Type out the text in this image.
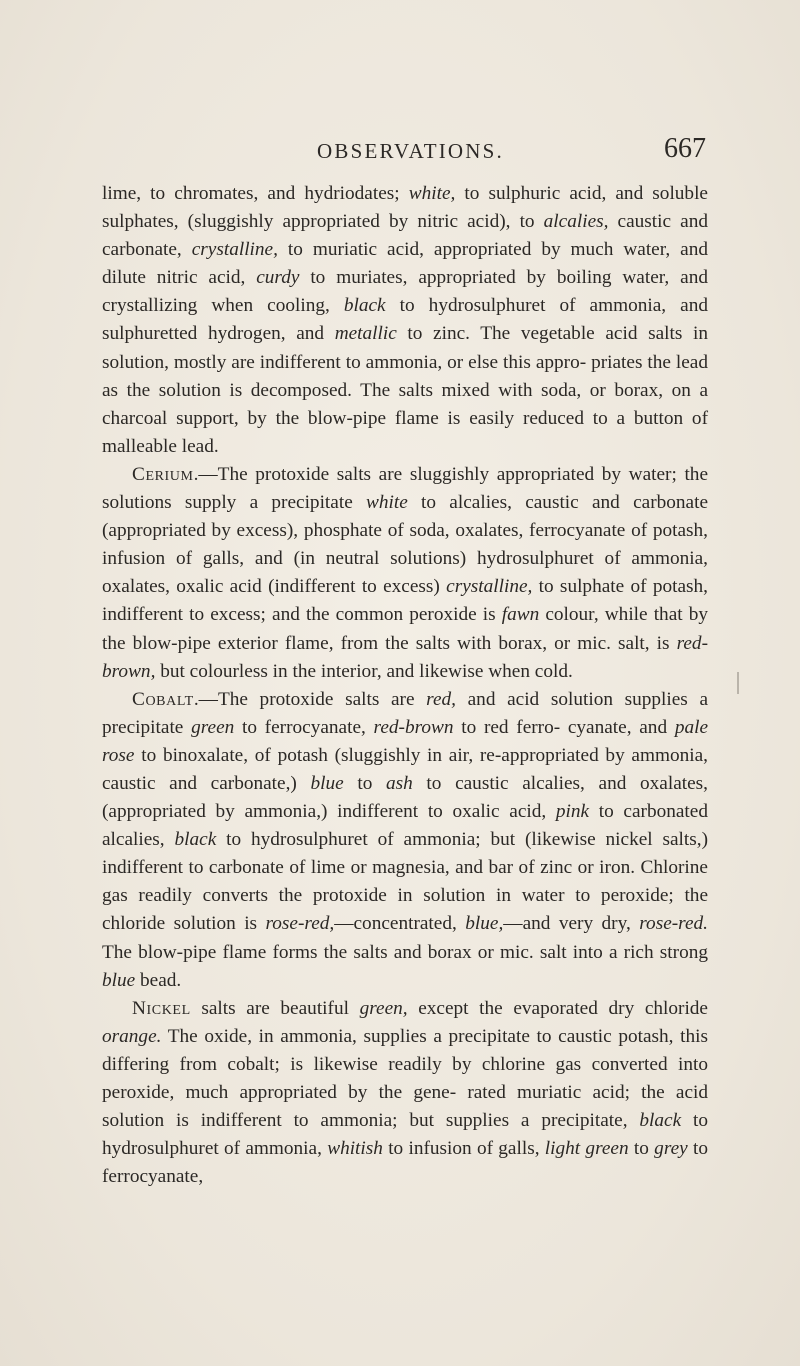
OBSERVATIONS.	667

lime, to chromates, and hydriodates; white, to sulphuric acid, and soluble sulphates, (sluggishly appropriated by nitric acid), to alcalies, caustic and carbonate, crystalline, to muriatic acid, appropriated by much water, and dilute nitric acid, curdy to muriates, appropriated by boiling water, and crystallizing when cooling, black to hydrosulphuret of ammonia, and sulphuretted hydrogen, and metallic to zinc. The vegetable acid salts in solution, mostly are indifferent to ammonia, or else this appro- priates the lead as the solution is decomposed. The salts mixed with soda, or borax, on a charcoal support, by the blow-pipe flame is easily reduced to a button of malleable lead.

Cerium.—The protoxide salts are sluggishly appropriated by water; the solutions supply a precipitate white to alcalies, caustic and carbonate (appropriated by excess), phosphate of soda, oxalates, ferrocyanate of potash, infusion of galls, and (in neutral solutions) hydrosulphuret of ammonia, oxalates, oxalic acid (indifferent to excess) crystalline, to sulphate of potash, indifferent to excess; and the common peroxide is fawn colour, while that by the blow-pipe exterior flame, from the salts with borax, or mic. salt, is red-brown, but colourless in the interior, and likewise when cold.

Cobalt.—The protoxide salts are red, and acid solution supplies a precipitate green to ferrocyanate, red-brown to red ferro- cyanate, and pale rose to binoxalate, of potash (sluggishly in air, re-appropriated by ammonia, caustic and carbonate,) blue to ash to caustic alcalies, and oxalates, (appropriated by ammonia,) indifferent to oxalic acid, pink to carbonated alcalies, black to hydrosulphuret of ammonia; but (likewise nickel salts,) indifferent to carbonate of lime or magnesia, and bar of zinc or iron. Chlorine gas readily converts the protoxide in solution in water to peroxide; the chloride solution is rose-red,—concentrated, blue,—and very dry, rose-red. The blow-pipe flame forms the salts and borax or mic. salt into a rich strong blue bead.

Nickel salts are beautiful green, except the evaporated dry chloride orange. The oxide, in ammonia, supplies a precipitate to caustic potash, this differing from cobalt; is likewise readily by chlorine gas converted into peroxide, much appropriated by the gene- rated muriatic acid; the acid solution is indifferent to ammonia; but supplies a precipitate, black to hydrosulphuret of ammonia, whitish to infusion of galls, light green to grey to ferrocyanate,
